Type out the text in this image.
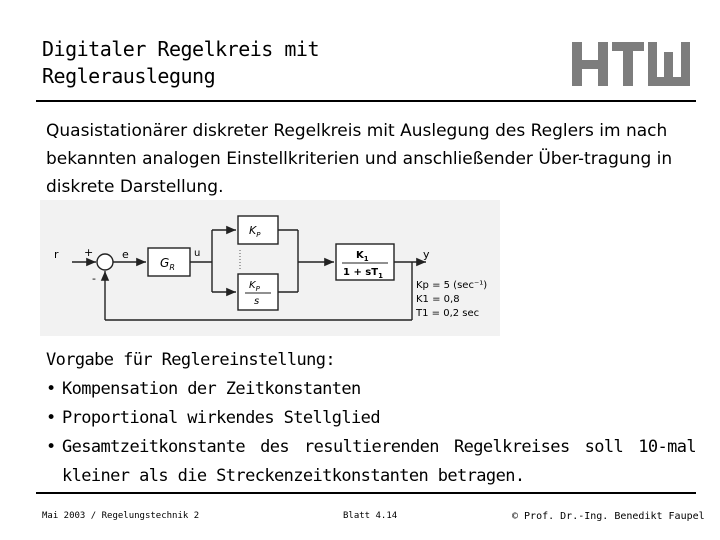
Digitaler Regelkreis mit
Reglerauslegung
Quasistationärer diskreter Regelkreis mit Auslegung des Reglers im nach bekannten analogen Einstellkriterien und anschließender Über-tragung in diskrete Darstellung.
r +	e
-
u	y
$G_R$
$K_P$
$K_P$
s
$K_1$
$1 + sT_1$
Kp = 5 (sec⁻¹)
K1 = 0,8
T1 = 0,2 sec
Vorgabe für Reglereinstellung:
• Kompensation der Zeitkonstanten
• Proportional wirkendes Stellglied
• Gesamtzeitkonstante des resultierenden Regelkreises soll 10-mal kleiner als die Streckenzeitkonstanten betragen.
Mai 2003 / Regelungstechnik 2	Blatt 4.14	© Prof. Dr.-Ing. Benedikt Faupel
